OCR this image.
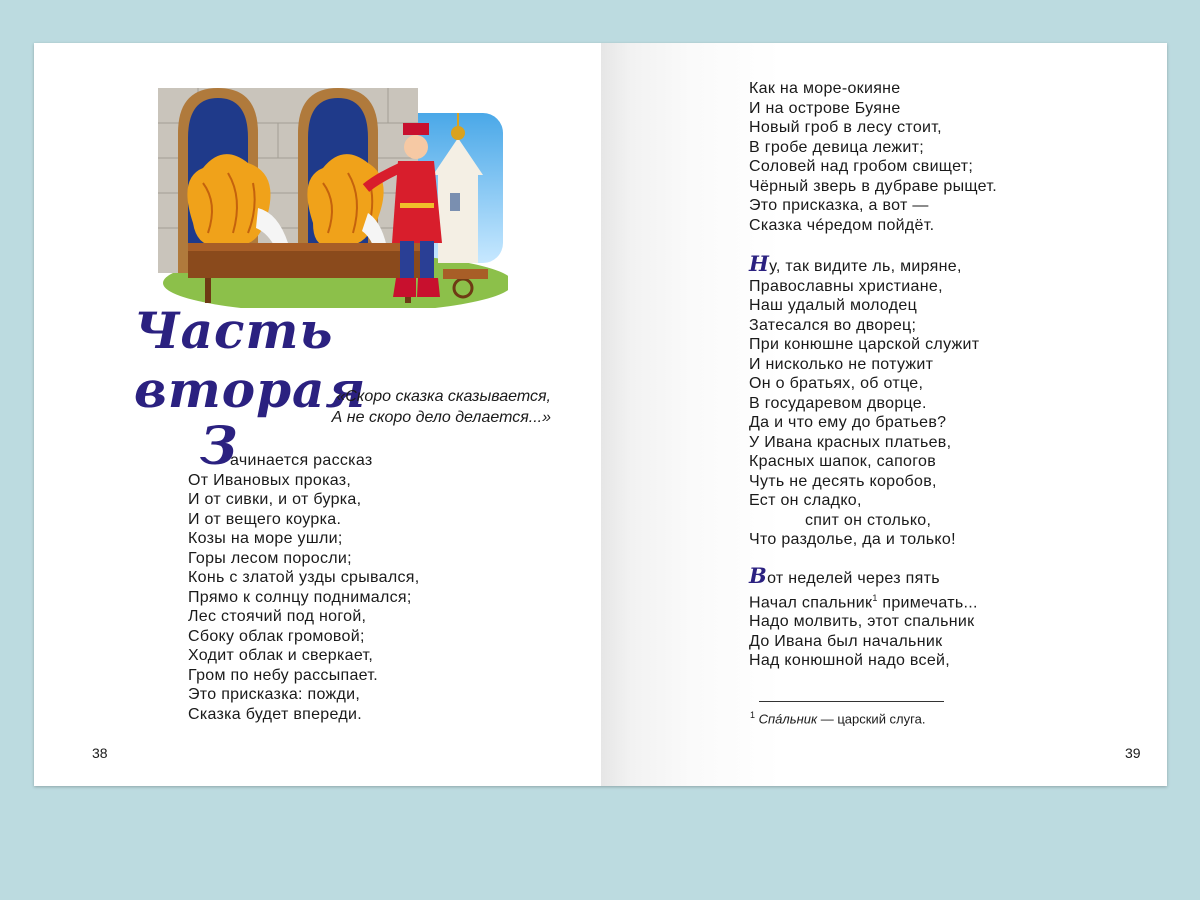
Часть вторая
«Скоро сказка сказывается,
А не скоро дело делается...»
З
ачинается рассказ
От Ивановых проказ,
И от сивки, и от бурка,
И от вещего коурка.
Козы на море ушли;
Горы лесом поросли;
Конь с златой узды срывался,
Прямо к солнцу поднимался;
Лес стоячий под ногой,
Сбоку облак громовой;
Ходит облак и сверкает,
Гром по небу рассыпает.
Это присказка: пожди,
Сказка будет впереди.
38
Как на море-окияне
И на острове Буяне
Новый гроб в лесу стоит,
В гробе девица лежит;
Соловей над гробом свищет;
Чёрный зверь в дубраве рыщет.
Это присказка, а вот —
Сказка чéредом пойдёт.
Ну, так видите ль, миряне,
Православны христиане,
Наш удалый молодец
Затесался во дворец;
При конюшне царской служит
И нисколько не потужит
Он о братьях, об отце,
В государевом дворце.
Да и что ему до братьев?
У Ивана красных платьев,
Красных шапок, сапогов
Чуть не десять коробов,
Ест он сладко,
спит он столько,
Что раздолье, да и только!
Вот неделей через пять
Начал спальник$^1$ примечать...
Надо молвить, этот спальник
До Ивана был начальник
Над конюшной надо всей,
$^1$ Спáльник — царский слуга.
39
